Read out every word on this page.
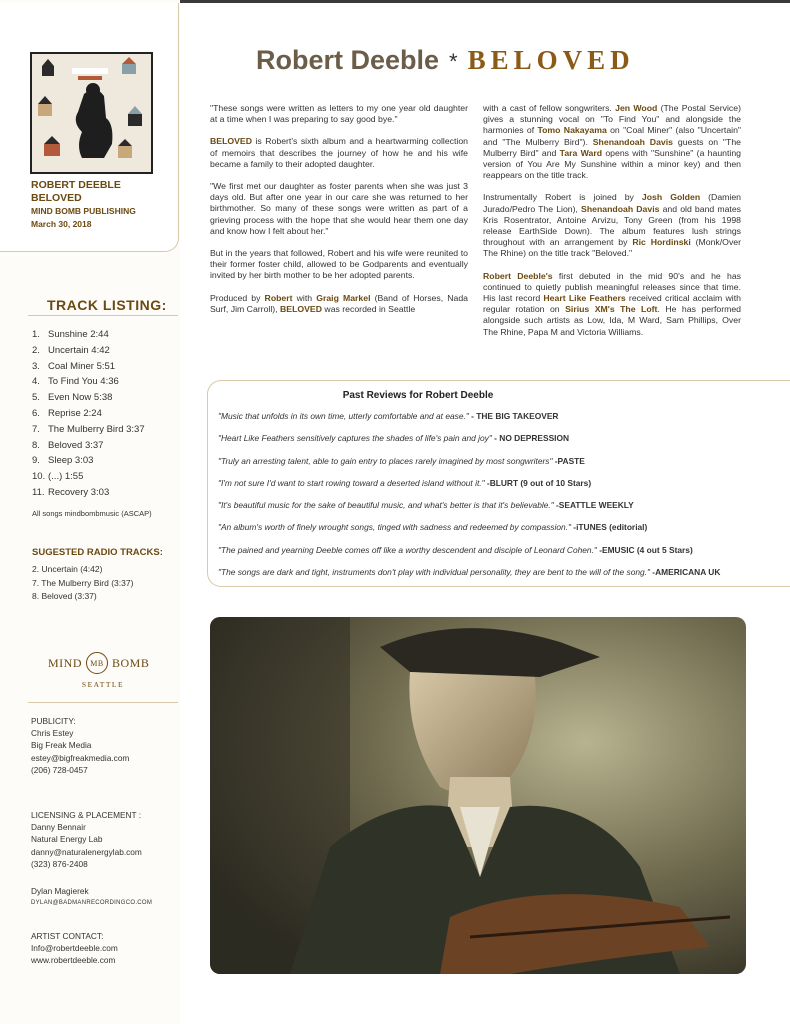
ROBERT DEEBLE
BELOVED
MIND BOMB PUBLISHING
March 30, 2018
TRACK LISTING:
1. Sunshine 2:44
2. Uncertain 4:42
3. Coal Miner 5:51
4. To Find You 4:36
5. Even Now 5:38
6. Reprise 2:24
7. The Mulberry Bird 3:37
8. Beloved 3:37
9. Sleep 3:03
10. (...) 1:55
11. Recovery 3:03
All songs mindbombmusic (ASCAP)
SUGESTED RADIO TRACKS:
2. Uncertain (4:42)
7. The Mulberry Bird (3:37)
8. Beloved (3:37)
MIND	MB BOMB
SEATTLE
PUBLICITY:
Chris Estey
Big Freak Media
estey@bigfreakmedia.com
(206) 728-0457
LICENSING & PLACEMENT :
Danny Bennair
Natural Energy Lab
danny@naturalenergylab.com
(323) 876-2408
Dylan Magierek
DYLAN@BADMANRECORDINGCO.COM
ARTIST CONTACT:
Info@robertdeeble.com
www.robertdeeble.com
Robert Deeble * BELOVED

"These songs were written as letters to my one year old daughter at a time when I was preparing to say good bye."

BELOVED is Robert's sixth album and a heartwarming collection of memoirs that describes the journey of how he and his wife became a family to their adopted daughter.

"We first met our daughter as foster parents when she was just 3 days old. But after one year in our care she was returned to her birthmother. So many of these songs were written as part of a grieving process with the hope that she would hear them one day and know how I felt about her."

But in the years that followed, Robert and his wife were reunited to their former foster child, allowed to be Godparents and eventually invited by her birth mother to be her adopted parents.

Produced by Robert with Graig Markel (Band of Horses, Nada Surf, Jim Carroll), BELOVED was recorded in Seattle

with a cast of fellow songwriters. Jen Wood (The Postal Service) gives a stunning vocal on "To Find You" and alongside the harmonies of Tomo Nakayama on "Coal Miner" (also "Uncertain" and "The Mulberry Bird"). Shenandoah Davis guests on "The Mulberry Bird" and Tara Ward opens with "Sunshine" (a haunting version of You Are My Sunshine within a minor key) and then reappears on the title track.

Instrumentally Robert is joined by Josh Golden (Damien Jurado/Pedro The Lion), Shenandoah Davis and old band mates Kris Rosentrator, Antoine Arvizu, Tony Green (from his 1998 release EarthSide Down). The album features lush strings throughout with an arrangement by Ric Hordinski (Monk/Over The Rhine) on the title track "Beloved."

Robert Deeble's first debuted in the mid 90's and he has continued to quietly publish meaningful releases since that time. His last record Heart Like Feathers received critical acclaim with regular rotation on Sirius XM's The Loft. He has performed alongside such artists as Low, Ida, M Ward, Sam Phillips, Over The Rhine, Papa M and Victoria Williams.

Past Reviews for Robert Deeble
"Music that unfolds in its own time, utterly comfortable and at ease." - THE BIG TAKEOVER
"Heart Like Feathers sensitively captures the shades of life's pain and joy" - NO DEPRESSION
"Truly an arresting talent, able to gain entry to places rarely imagined by most songwriters" -PASTE
"I'm not sure I'd want to start rowing toward a deserted island without it." -BLURT (9 out of 10 Stars)
"It's beautiful music for the sake of beautiful music, and what's better is that it's believable." -SEATTLE WEEKLY
"An album's worth of finely wrought songs, tinged with sadness and redeemed by compassion." -iTUNES (editorial)
"The pained and yearning Deeble comes off like a worthy descendent and disciple of Leonard Cohen." -EMUSIC (4 out 5 Stars)
"The songs are dark and tight, instruments don't play with individual personality, they are bent to the will of the song." -AMERICANA UK
